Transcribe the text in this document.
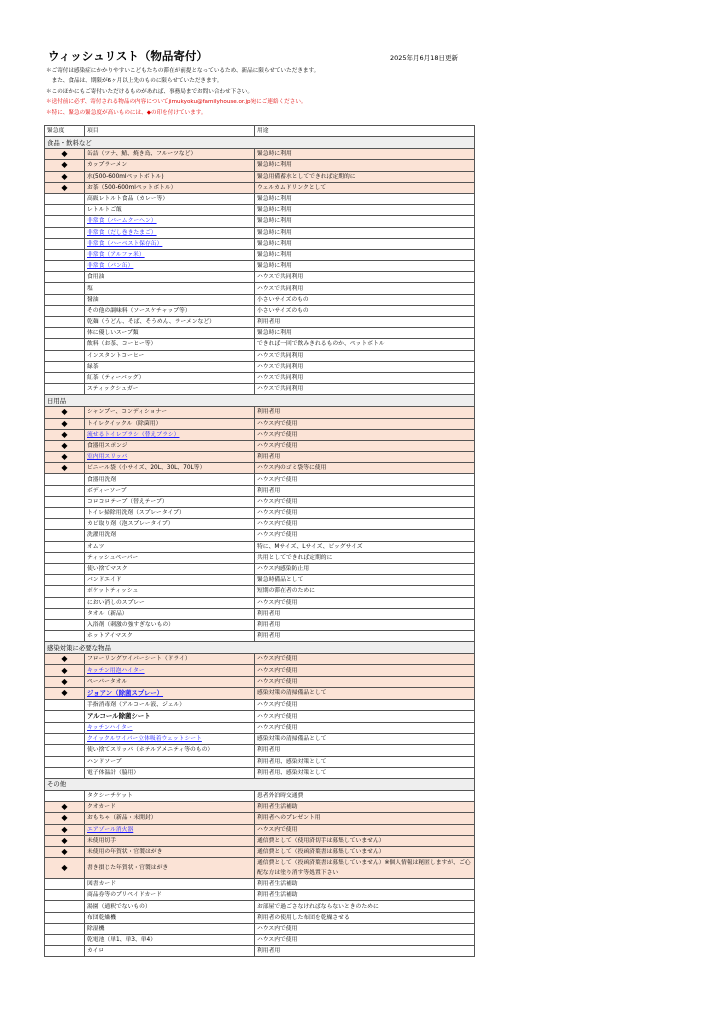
ウィッシュリスト（物品寄付）	2025年月6月18日更新
＊ご寄付は感染症にかかりやすいこどもたちの滞在が前提となっているため、新品に限らせていただきます。
　また、食品は、期限が6ヶ月以上先のものに限らせていただきます。
＊このほかにもご寄付いただけるものがあれば、事務局までお問い合わせ下さい。
＊送付前に必ず、寄付される物品の内容についてjimukyoku@familyhouse.or.jp宛にご連絡ください。
＊特に、緊急の緊急度が高いものには、◆の印を付けています。
緊急度	項目	用途
食品・飲料など		
◆	缶詰（ツナ、鯖、焼き鳥、フルーツなど）	緊急時に利用
◆	カップラーメン	緊急時に利用
◆	水(500-600mlペットボトル)	緊急用備蓄水としてできれば定期的に
◆	お茶（500-600mlペットボトル）	ウェルカムドリンクとして
	高級レトルト食品（カレー等）	緊急時に利用
	レトルトご飯	緊急時に利用
	非常食（バームクーヘン）	緊急時に利用
	非常食（だし巻きたまご）	緊急時に利用
	非常食（ハーベスト保存缶）	緊急時に利用
	非常食（アルファ米）	緊急時に利用
	非常食（パン缶）	緊急時に利用
	食用油	ハウスで共同利用
	塩	ハウスで共同利用
	醤油	小さいサイズのもの
	その他の調味料（ソースケチャップ等）	小さいサイズのもの
	乾麺（うどん、そば、そうめん、ラーメンなど）	利用者用
	体に優しいスープ類	緊急時に利用
	飲料（お茶、コーヒー等）	できれば一回で飲みきれるものか、ペットボトル
	インスタントコーヒー	ハウスで共同利用
	緑茶	ハウスで共同利用
	紅茶（ティーバッグ）	ハウスで共同利用
	スティックシュガー	ハウスで共同利用
日用品		
◆	シャンプー、コンディショナー	利用者用
◆	トイレクイックル（除菌用）	ハウス内で使用
◆	流せるトイレブラシ（替えブラシ）	ハウス内で使用
◆	食器用スポンジ	ハウス内で使用
◆	室内用スリッパ	利用者用
◆	ビニール袋（小サイズ、20L、30L、70L等）	ハウス内のゴミ袋等に使用
	食器用洗剤	ハウス内で使用
	ボディーソープ	利用者用
	コロコロテープ（替えテープ）	ハウス内で使用
	トイレ掃除用洗剤（スプレータイプ）	ハウス内で使用
	カビ取り剤（泡スプレータイプ）	ハウス内で使用
	洗濯用洗剤	ハウス内で使用
	オムツ	特に、Mサイズ、Lサイズ、ビッグサイズ
	ティッシュペーパー	共用としてできれば定期的に
	使い捨てマスク	ハウス内感染防止用
	バンドエイド	緊急時備品として
	ポケットティッシュ	短期の滞在者のために
	におい消しのスプレー	ハウス内で使用
	タオル（新品）	利用者用
	入浴剤（刺激の強すぎないもの）	利用者用
	ホットアイマスク	利用者用
感染対策に必要な物品		
◆	フローリングワイパーシート（ドライ）	ハウス内で使用
◆	キッチン用泡ハイター	ハウス内で使用
◆	ペーパータオル	ハウス内で使用
◆	ジョアン（除菌スプレー）	感染対策の清掃備品として
	手指消毒剤（アルコール液、ジェル）	ハウス内で使用
	アルコール除菌シート	ハウス内で使用
	キッチンハイター	ハウス内で使用
	クイックルワイパー立体吸着ウェットシート	感染対策の清掃備品として
	使い捨てスリッパ（ホテルアメニティ等のもの）	利用者用
	ハンドソープ	利用者用、感染対策として
	電子体温計（脇用）	利用者用、感染対策として
その他		
	タクシーチケット	患者外泊時交通費
◆	クオカード	利用者生活補助
◆	おもちゃ（新品・未開封）	利用者へのプレゼント用
◆	エアゾール消火器	ハウス内で使用
◆	未使用切手	通信費として（使用済切手は募集していません）
◆	未使用の年賀状・官製はがき	通信費として（投函済葉書は募集していません）
◆	書き損じた年賀状・官製はがき	通信費として（投函済葉書は募集していません）※個人情報は秘匿しますが、ご心配な方は塗り消す等処置下さい
	図書カード	利用者生活補助
	商品券等のプリペイドカード	利用者生活補助
	湯園（通釈でないもの）	お部屋で過ごさなければならないときのために
	布団乾燥機	利用者の使用した布団を乾燥させる
	除湿機	ハウス内で使用
	乾電池（単1、単3、単4）	ハウス内で使用
	カイロ	利用者用
